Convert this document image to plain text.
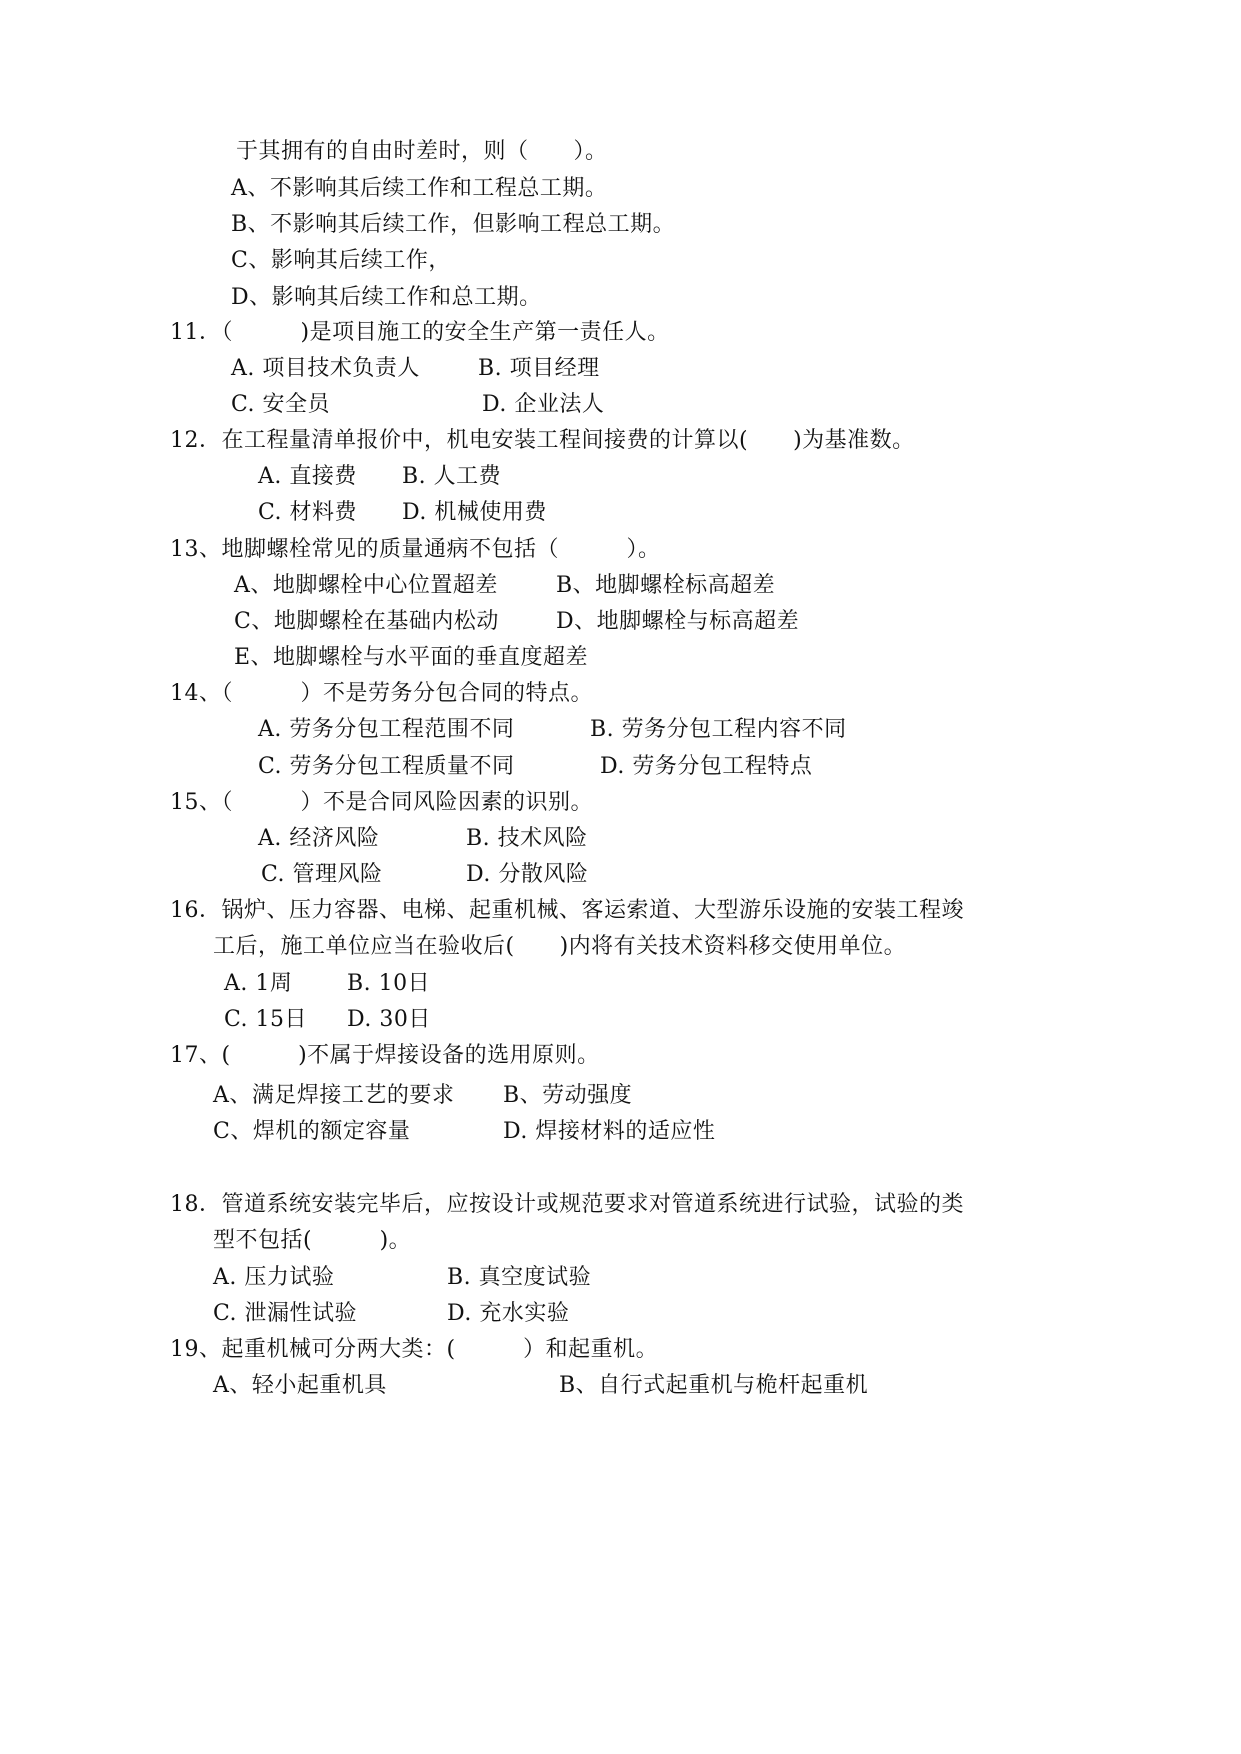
于其拥有的自由时差时，则（　　）。
A、不影响其后续工作和工程总工期。
B、不影响其后续工作，但影响工程总工期。
C、影响其后续工作，
D、影响其后续工作和总工期。
11．（　　　)是项目施工的安全生产第一责任人。
A. 项目技术负责人	B. 项目经理
C. 安全员	D. 企业法人
12．在工程量清单报价中，机电安装工程间接费的计算以(　　)为基准数。
A. 直接费 B. 人工费
C. 材料费 D. 机械使用费
13、地脚螺栓常见的质量通病不包括（　　　）。
A、地脚螺栓中心位置超差	B、地脚螺栓标高超差
C、地脚螺栓在基础内松动	D、地脚螺栓与标高超差
E、地脚螺栓与水平面的垂直度超差
14、（　　　）不是劳务分包合同的特点。
A. 劳务分包工程范围不同	B. 劳务分包工程内容不同
C. 劳务分包工程质量不同	D. 劳务分包工程特点
15、（　　　）不是合同风险因素的识别。
A. 经济风险	B. 技术风险
C. 管理风险	D. 分散风险
16．锅炉、压力容器、电梯、起重机械、客运索道、大型游乐设施的安装工程竣
工后，施工单位应当在验收后(　　)内将有关技术资料移交使用单位。
A. 1周 B. 10日
C. 15日 D. 30日
17、(　　　)不属于焊接设备的选用原则。
A、满足焊接工艺的要求 B、劳动强度
C、焊机的额定容量	D. 焊接材料的适应性
18．管道系统安装完毕后，应按设计或规范要求对管道系统进行试验，试验的类
型不包括(　　　)。
A. 压力试验	B. 真空度试验
C. 泄漏性试验	D. 充水实验
19、起重机械可分两大类：(　　　）和起重机。
A、轻小起重机具	B、自行式起重机与桅杆起重机
